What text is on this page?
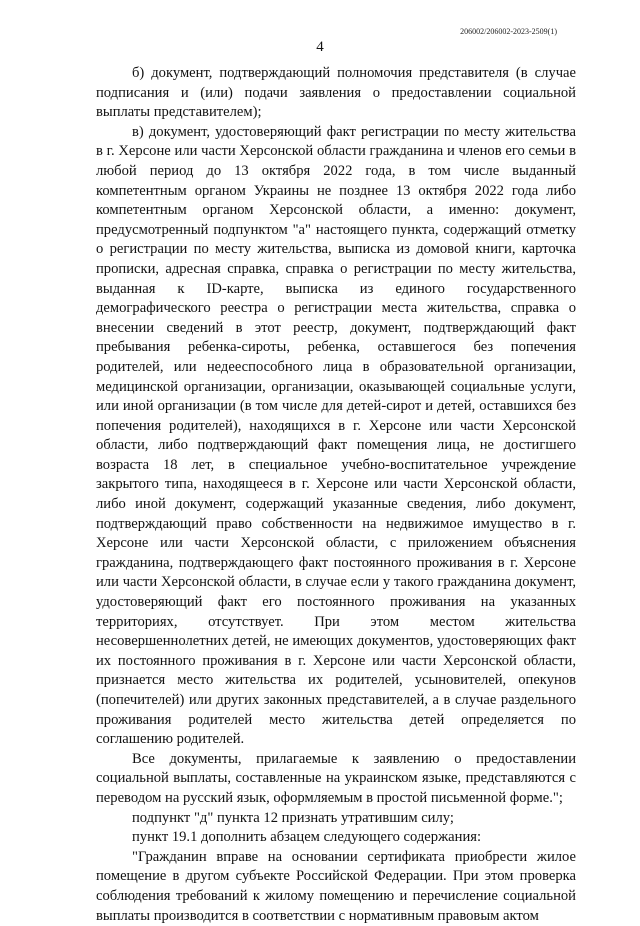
206002/206002-2023-2509(1)
4

б) документ, подтверждающий полномочия представителя (в случае подписания и (или) подачи заявления о предоставлении социальной выплаты представителем);

в) документ, удостоверяющий факт регистрации по месту жительства в г. Херсоне или части Херсонской области гражданина и членов его семьи в любой период до 13 октября 2022 года, в том числе выданный компетентным органом Украины не позднее 13 октября 2022 года либо компетентным органом Херсонской области, а именно: документ, предусмотренный подпунктом "а" настоящего пункта, содержащий отметку о регистрации по месту жительства, выписка из домовой книги, карточка прописки, адресная справка, справка о регистрации по месту жительства, выданная к ID-карте, выписка из единого государственного демографического реестра о регистрации места жительства, справка о внесении сведений в этот реестр, документ, подтверждающий факт пребывания ребенка-сироты, ребенка, оставшегося без попечения родителей, или недееспособного лица в образовательной организации, медицинской организации, организации, оказывающей социальные услуги, или иной организации (в том числе для детей-сирот и детей, оставшихся без попечения родителей), находящихся в г. Херсоне или части Херсонской области, либо подтверждающий факт помещения лица, не достигшего возраста 18 лет, в специальное учебно-воспитательное учреждение закрытого типа, находящееся в г. Херсоне или части Херсонской области, либо иной документ, содержащий указанные сведения, либо документ, подтверждающий право собственности на недвижимое имущество в г. Херсоне или части Херсонской области, с приложением объяснения гражданина, подтверждающего факт постоянного проживания в г. Херсоне или части Херсонской области, в случае если у такого гражданина документ, удостоверяющий факт его постоянного проживания на указанных территориях, отсутствует. При этом местом жительства несовершеннолетних детей, не имеющих документов, удостоверяющих факт их постоянного проживания в г. Херсоне или части Херсонской области, признается место жительства их родителей, усыновителей, опекунов (попечителей) или других законных представителей, а в случае раздельного проживания родителей место жительства детей определяется по соглашению родителей.

Все документы, прилагаемые к заявлению о предоставлении социальной выплаты, составленные на украинском языке, представляются с переводом на русский язык, оформляемым в простой письменной форме.";

подпункт "д" пункта 12 признать утратившим силу;

пункт 19.1 дополнить абзацем следующего содержания:

"Гражданин вправе на основании сертификата приобрести жилое помещение в другом субъекте Российской Федерации. При этом проверка соблюдения требований к жилому помещению и перечисление социальной выплаты производится в соответствии с нормативным правовым актом
